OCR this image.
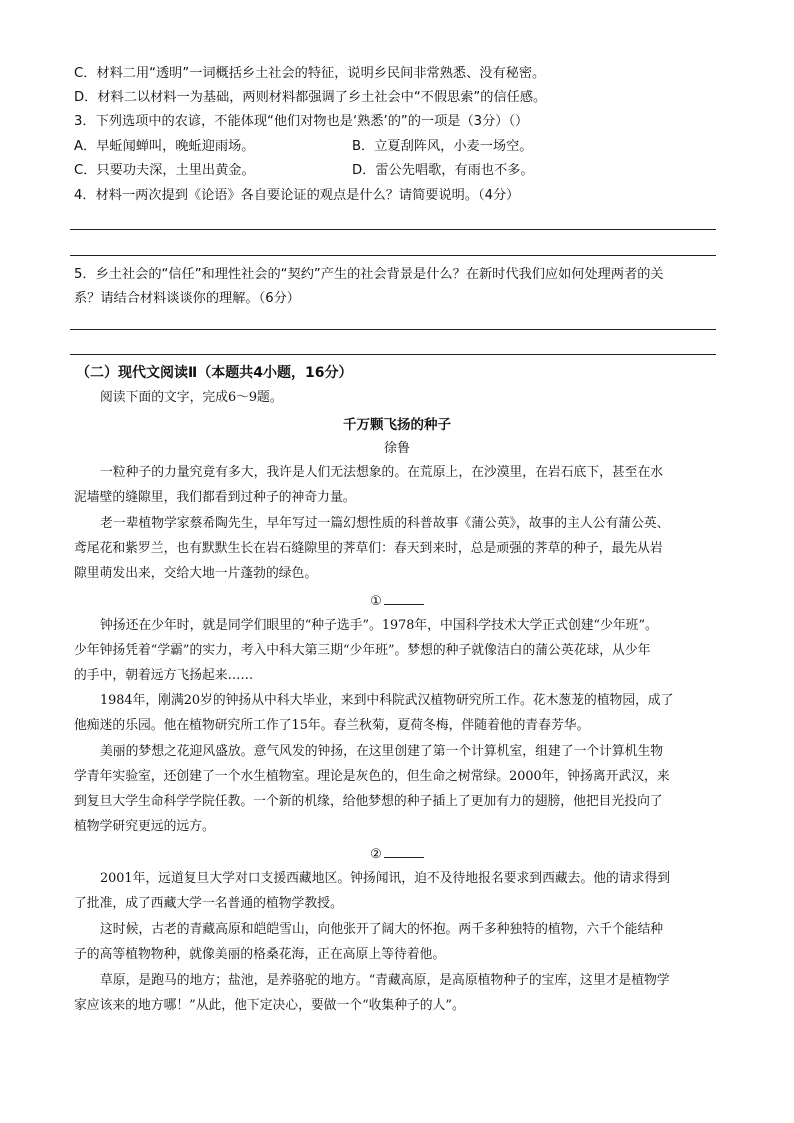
C．材料二用“透明”一词概括乡土社会的特征，说明乡民间非常熟悉、没有秘密。
D．材料二以材料一为基础，两则材料都强调了乡土社会中“不假思索”的信任感。
3．下列选项中的农谚，不能体现“他们对物也是‘熟悉’的”的一项是（3分）（）
A．早蚯闻蝉叫，晚蚯迎雨场。	B．立夏刮阵风，小麦一场空。
C．只要功夫深，土里出黄金。	D．雷公先唱歌，有雨也不多。
4．材料一两次提到《论语》各自要论证的观点是什么？请简要说明。（4分）
5．乡土社会的“信任”和理性社会的“契约”产生的社会背景是什么？在新时代我们应如何处理两者的关
系？请结合材料谈谈你的理解。（6分）
（二）现代文阅读Ⅱ（本题共4小题，16分）
阅读下面的文字，完成6～9题。
千万颗飞扬的种子
徐鲁
一粒种子的力量究竟有多大，我许是人们无法想象的。在荒原上，在沙漠里，在岩石底下，甚至在水
泥墙壁的缝隙里，我们都看到过种子的神奇力量。
老一辈植物学家蔡希陶先生，早年写过一篇幻想性质的科普故事《蒲公英》，故事的主人公有蒲公英、
鸢尾花和紫罗兰，也有默默生长在岩石缝隙里的荠草们：春天到来时，总是顽强的荠草的种子，最先从岩
隙里萌发出来，交给大地一片蓬勃的绿色。
①
钟扬还在少年时，就是同学们眼里的“种子选手”。1978年，中国科学技术大学正式创建“少年班”。
少年钟扬凭着“学霸”的实力，考入中科大第三期“少年班”。梦想的种子就像洁白的蒲公英花球，从少年
的手中，朝着远方飞扬起来……
1984年，刚满20岁的钟扬从中科大毕业，来到中科院武汉植物研究所工作。花木葱茏的植物园，成了
他痴迷的乐园。他在植物研究所工作了15年。春兰秋菊，夏荷冬梅，伴随着他的青春芳华。
美丽的梦想之花迎风盛放。意气风发的钟扬，在这里创建了第一个计算机室，组建了一个计算机生物
学青年实验室，还创建了一个水生植物室。理论是灰色的，但生命之树常绿。2000年，钟扬离开武汉，来
到复旦大学生命科学学院任教。一个新的机缘，给他梦想的种子插上了更加有力的翅膀，他把目光投向了
植物学研究更远的远方。
②
2001年，远道复旦大学对口支援西藏地区。钟扬闻讯，迫不及待地报名要求到西藏去。他的请求得到
了批准，成了西藏大学一名普通的植物学教授。
这时候，古老的青藏高原和皑皑雪山，向他张开了阔大的怀抱。两千多种独特的植物，六千个能结种
子的高等植物物种，就像美丽的格桑花海，正在高原上等待着他。
草原，是跑马的地方；盐池，是养骆驼的地方。“青藏高原，是高原植物种子的宝库，这里才是植物学
家应该来的地方哪！”从此，他下定决心，要做一个“收集种子的人”。
